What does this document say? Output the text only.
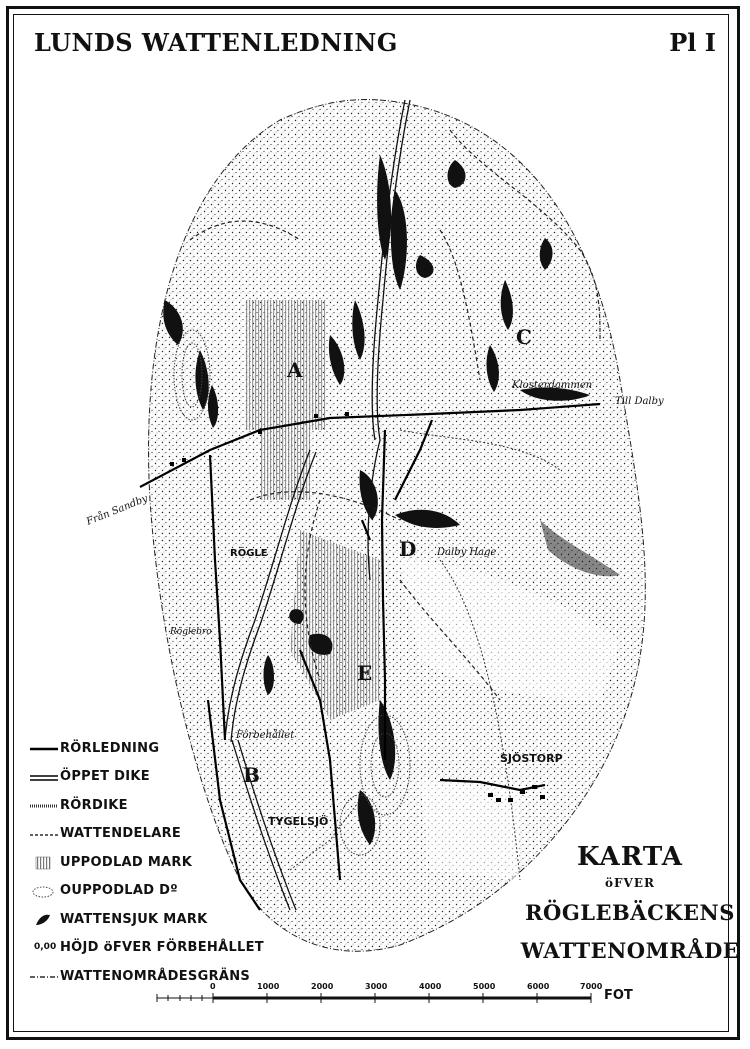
LUNDS WATTENLEDNING	Pl I
A
B
C
D
E
Klosterdammen
Till Dalby
Från Sandby
Röglebro
Förbehållet
Dalby Hage
RÖGLE
SJÖSTORP
TYGELSJÖ
0	1000	2000	3000	4000	5000	6000	7000
FOT
RÖRLEDNING
ÖPPET DIKE
RÖRDIKE
WATTENDELARE
UPPODLAD MARK
OUPPODLAD Dº
WATTENSJUK MARK
0,00 HÖJD öFVER FÖRBEHÅLLET
WATTENOMRÅDESGRÄNS
KARTA
öFVER
RÖGLEBÄCKENS
WATTENOMRÅDE
